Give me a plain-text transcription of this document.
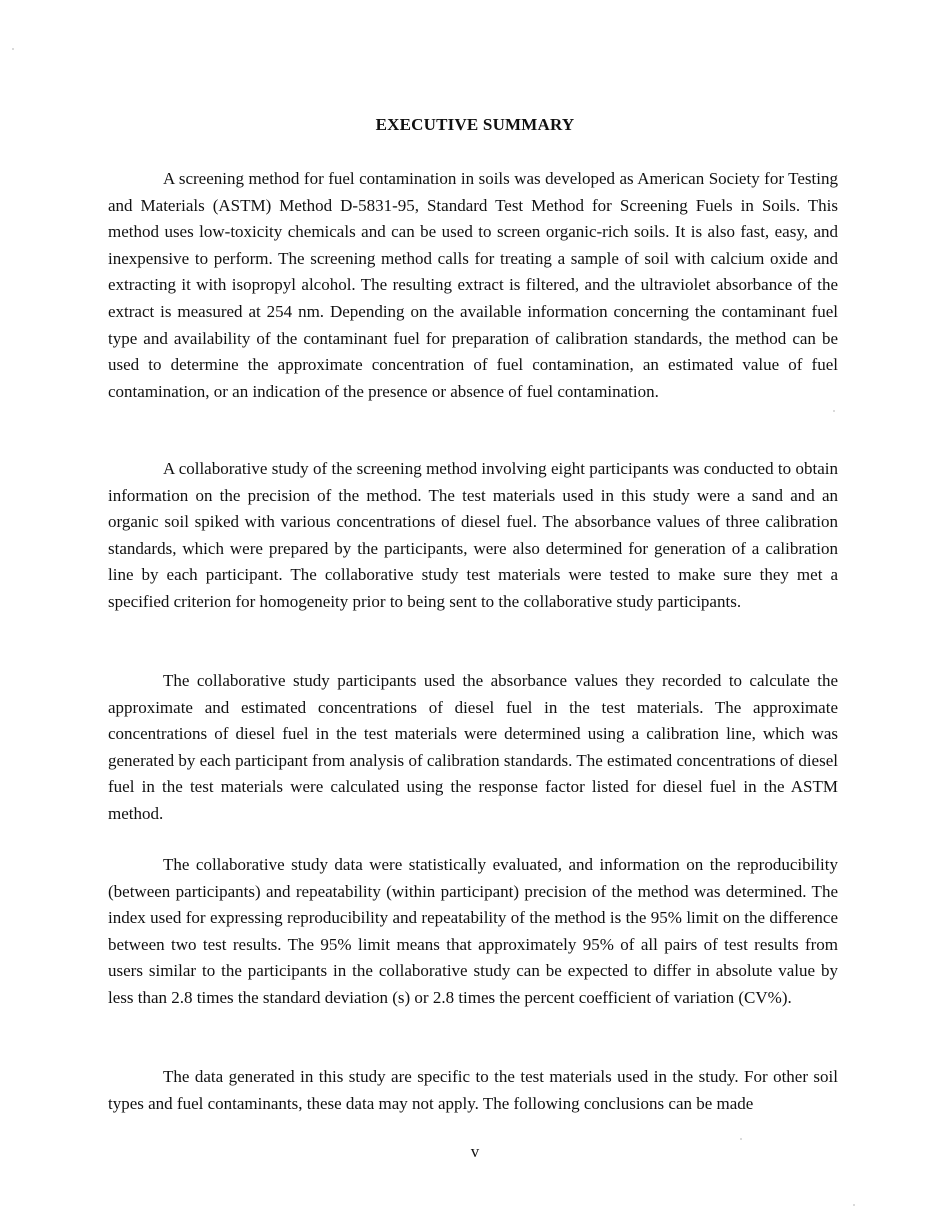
EXECUTIVE SUMMARY

A screening method for fuel contamination in soils was developed as American Society for Testing and Materials (ASTM) Method D-5831-95, Standard Test Method for Screening Fuels in Soils. This method uses low-toxicity chemicals and can be used to screen organic-rich soils. It is also fast, easy, and inexpensive to perform. The screening method calls for treating a sample of soil with calcium oxide and extracting it with isopropyl alcohol. The resulting extract is filtered, and the ultraviolet absorbance of the extract is measured at 254 nm. Depending on the available information concerning the contaminant fuel type and availability of the contaminant fuel for preparation of calibration standards, the method can be used to determine the approximate concentration of fuel contamination, an estimated value of fuel contamination, or an indication of the presence or absence of fuel contamination.

A collaborative study of the screening method involving eight participants was conducted to obtain information on the precision of the method. The test materials used in this study were a sand and an organic soil spiked with various concentrations of diesel fuel. The absorbance values of three calibration standards, which were prepared by the participants, were also determined for generation of a calibration line by each participant. The collaborative study test materials were tested to make sure they met a specified criterion for homogeneity prior to being sent to the collaborative study participants.

The collaborative study participants used the absorbance values they recorded to calculate the approximate and estimated concentrations of diesel fuel in the test materials. The approximate concentrations of diesel fuel in the test materials were determined using a calibration line, which was generated by each participant from analysis of calibration standards. The estimated concentrations of diesel fuel in the test materials were calculated using the response factor listed for diesel fuel in the ASTM method.

The collaborative study data were statistically evaluated, and information on the reproducibility (between participants) and repeatability (within participant) precision of the method was determined. The index used for expressing reproducibility and repeatability of the method is the 95% limit on the difference between two test results. The 95% limit means that approximately 95% of all pairs of test results from users similar to the participants in the collaborative study can be expected to differ in absolute value by less than 2.8 times the standard deviation (s) or 2.8 times the percent coefficient of variation (CV%).

The data generated in this study are specific to the test materials used in the study. For other soil types and fuel contaminants, these data may not apply. The following conclusions can be made

v
